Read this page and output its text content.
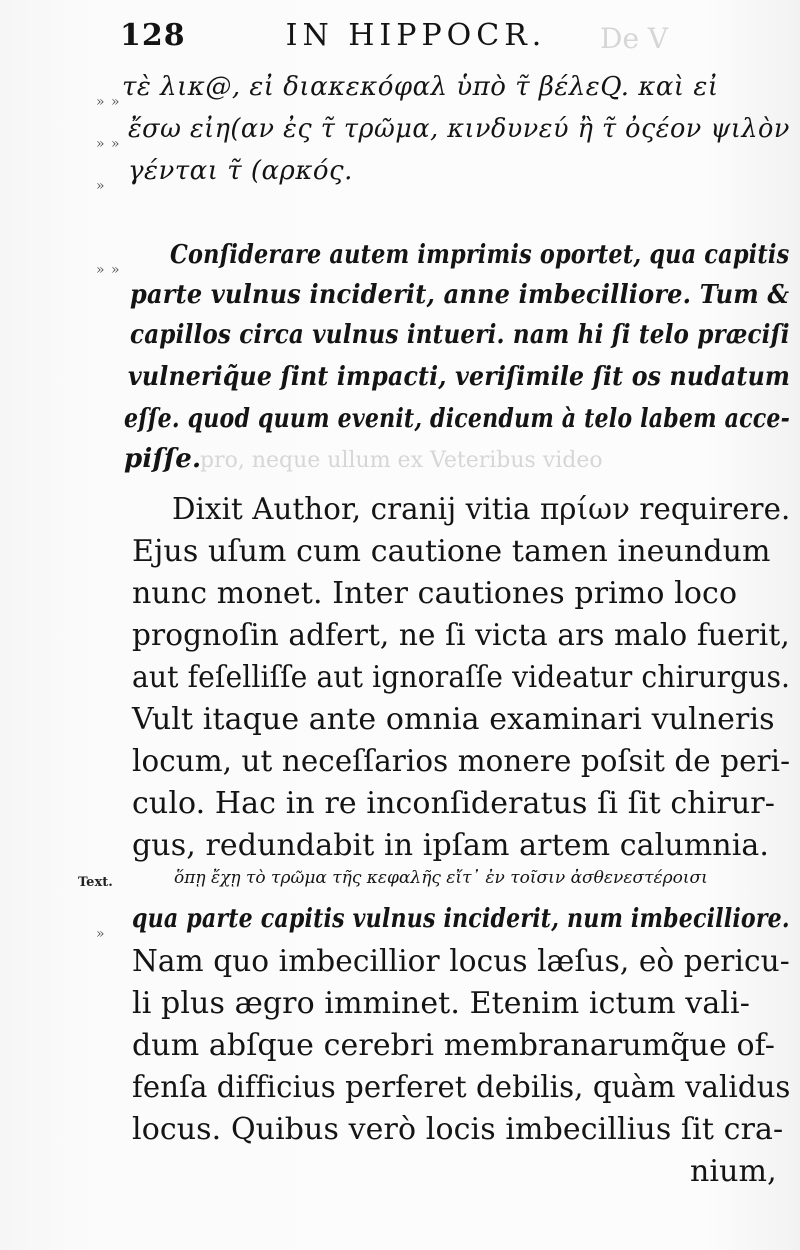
128	IN HIPPOCR.
» » τὲ λικ@, εἰ διακεκόφαλ ὑπὸ τ̃ βέλεQ. καὶ εἰ
» » ἔσω εἰη(αν ἐς τ̃ τρῶμα, κινδυνεύ ἢ τ̃ ὀςέον ψιλὸν
» γένται τ̃ (αρκός.
» » Conſiderare autem imprimis oportet, qua capitis
parte vulnus inciderit, anne imbecilliore. Tum &
capillos circa vulnus intueri. nam hi ſi telo præciſi
vulneriq̃ue ſint impacti, veriſimile ſit os nudatum
eſſe. quod quum evenit, dicendum à telo labem acce-
piſſe.
De V
pro, neque ullum ex Veteribus video
Dixit Author, cranij vitia πρίων requirere.
Ejus uſum cum cautione tamen ineundum
nunc monet. Inter cautiones primo loco
prognoſin adfert, ne ſi victa ars malo fuerit,
aut feſelliſſe aut ignoraſſe videatur chirurgus.
Vult itaque ante omnia examinari vulneris
locum, ut neceſſarios monere poſsit de peri-
culo. Hac in re inconſideratus ſi ſit chirur-
gus, redundabit in ipſam artem calumnia.
Text.	ὅπῃ ἔχῃ τὸ τρῶμα τῆς κεφαλῆς εἴτ᾽ ἐν τοῖσιν ἀσθενεστέροισι
»	qua parte capitis vulnus inciderit, num imbecilliore.
Nam quo imbecillior locus læſus, eò pericu-
li plus ægro imminet. Etenim ictum vali-
dum abſque cerebri membranarumq̃ue of-
fenſa difficius perferet debilis, quàm validus
locus. Quibus verò locis imbecillius ſit cra-
nium,
